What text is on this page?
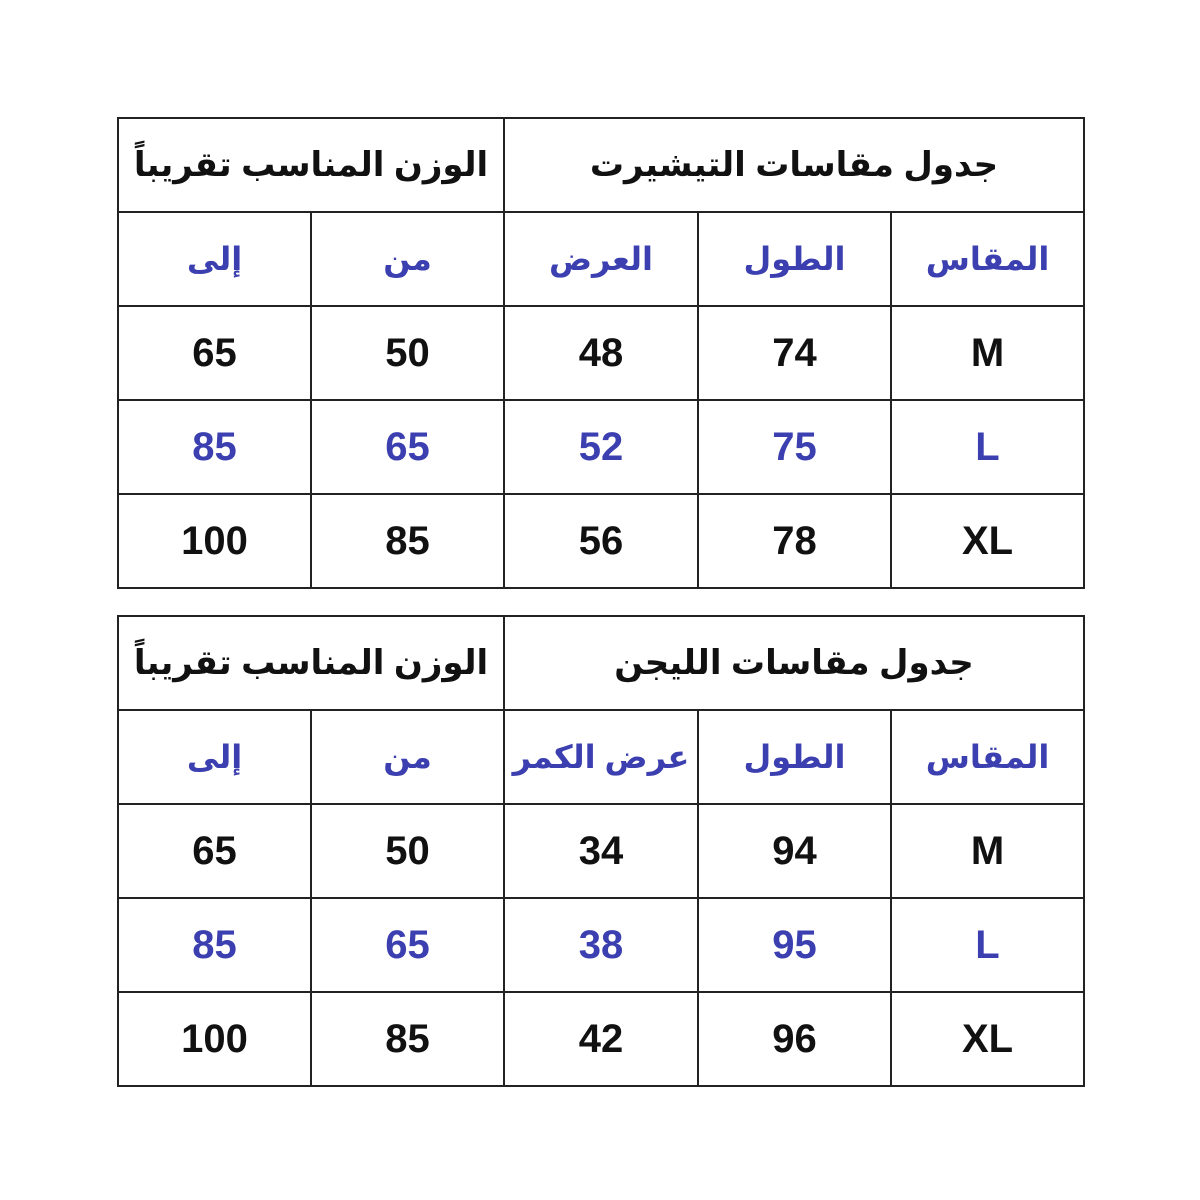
الوزن المناسب تقريباً		جدول مقاسات التيشيرت		
إلى	من	العرض	الطول	المقاس
65	50	48	74	M
85	65	52	75	L
100	85	56	78	XL
الوزن المناسب تقريباً		جدول مقاسات الليجن		
إلى	من	عرض الكمر	الطول	المقاس
65	50	34	94	M
85	65	38	95	L
100	85	42	96	XL
